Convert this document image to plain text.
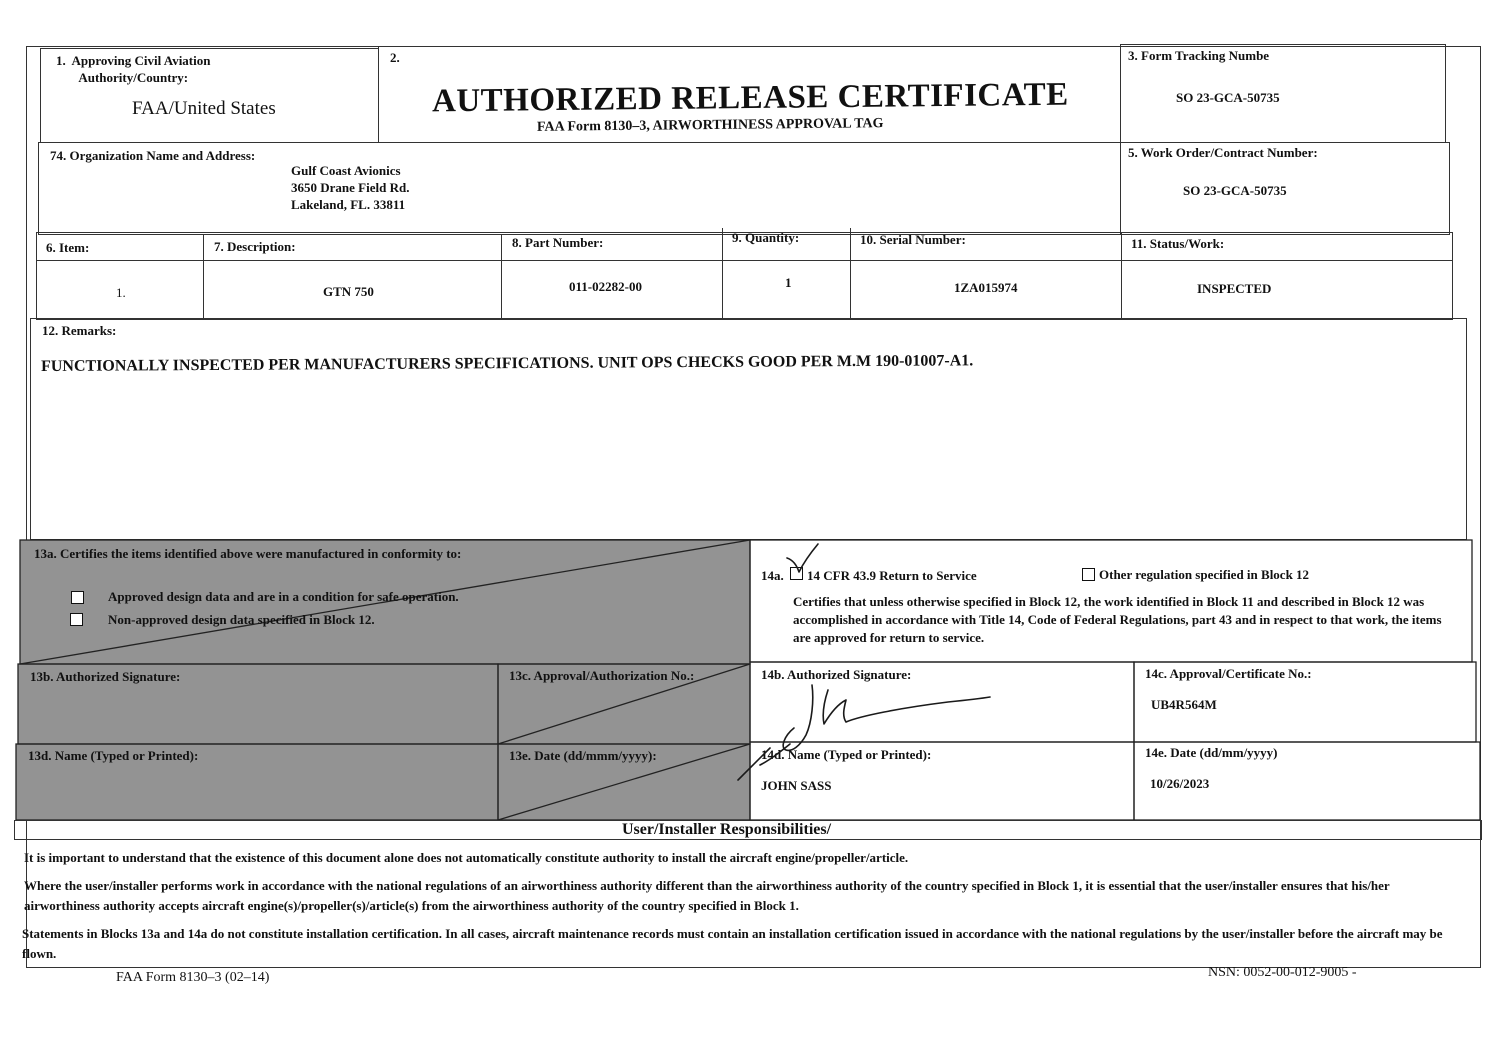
1.  Approving Civil Aviation
Authority/Country:
FAA/United States
2.
AUTHORIZED RELEASE CERTIFICATE
FAA Form 8130–3, AIRWORTHINESS APPROVAL TAG
3. Form Tracking Numbe
SO 23-GCA-50735
74. Organization Name and Address:
Gulf Coast Avionics
3650 Drane Field Rd.
Lakeland, FL. 33811
5. Work Order/Contract Number:
SO 23-GCA-50735
6. Item:	7. Description:	8. Part Number:	9. Quantity:	10. Serial Number:	11. Status/Work:
1.	GTN 750	011-02282-00	1	1ZA015974	INSPECTED
12. Remarks:
FUNCTIONALLY INSPECTED PER MANUFACTURERS SPECIFICATIONS. UNIT OPS CHECKS GOOD PER M.M 190-01007-A1.
13a. Certifies the items identified above were manufactured in conformity to:
Approved design data and are in a condition for safe operation.
Non-approved design data specified in Block 12.
13b. Authorized Signature:	13c. Approval/Authorization No.:
13d. Name (Typed or Printed):	13e. Date (dd/mmm/yyyy):
14a. 14 CFR 43.9 Return to Service	Other regulation specified in Block 12
Certifies that unless otherwise specified in Block 12, the work identified in Block 11 and described in Block 12 was accomplished in accordance with Title 14, Code of Federal Regulations, part 43 and in respect to that work, the items are approved for return to service.
14b. Authorized Signature:	14c. Approval/Certificate No.:
UB4R564M
14d. Name (Typed or Printed):
JOHN SASS
14e. Date (dd/mm/yyyy)
10/26/2023
User/Installer Responsibilities/
It is important to understand that the existence of this document alone does not automatically constitute authority to install the aircraft engine/propeller/article.
Where the user/installer performs work in accordance with the national regulations of an airworthiness authority different than the airworthiness authority of the country specified in Block 1, it is essential that the user/installer ensures that his/her airworthiness authority accepts aircraft engine(s)/propeller(s)/article(s) from the airworthiness authority of the country specified in Block 1.
Statements in Blocks 13a and 14a do not constitute installation certification. In all cases, aircraft maintenance records must contain an installation certification issued in accordance with the national regulations by the user/installer before the aircraft may be flown.
FAA Form 8130–3 (02–14)	NSN: 0052-00-012-9005 -
